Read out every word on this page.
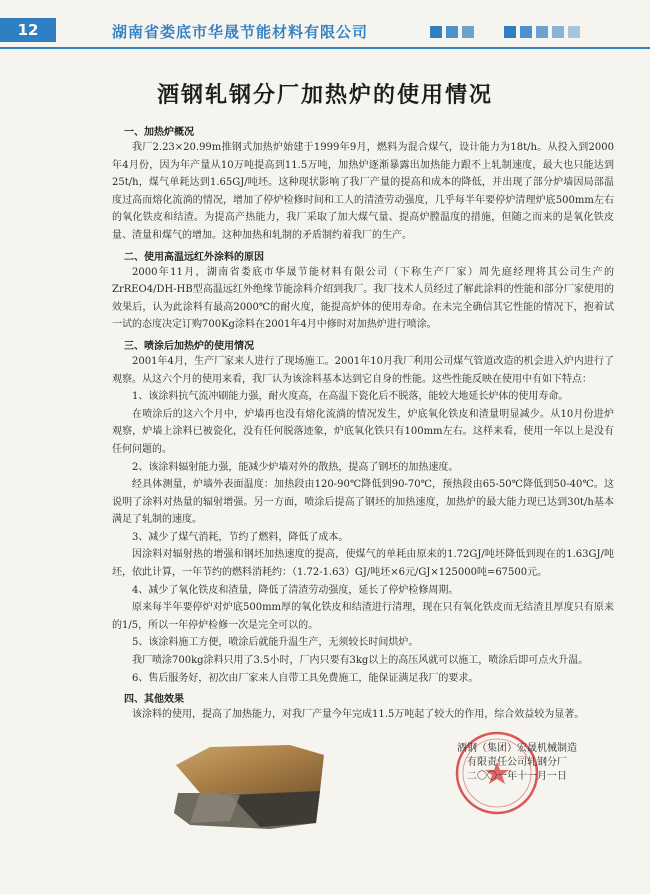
12	湖南省娄底市华晟节能材料有限公司
酒钢轧钢分厂加热炉的使用情况
一、加热炉概况

我厂2.23×20.99m推钢式加热炉始建于1999年9月，燃料为混合煤气，设计能力为18t/h。从投入到2000年4月份，因为年产量从10万吨提高到11.5万吨，加热炉逐渐暴露出加热能力跟不上轧制速度，最大也只能达到25t/h，煤气单耗达到1.65GJ/吨坯。这种现状影响了我厂产量的提高和成本的降低，并出现了部分炉墙因局部温度过高而熔化流淌的情况，增加了停炉检修时间和工人的清渣劳动强度，几乎每半年要停炉清理炉底500mm左右的氧化铁皮和结渣。为提高产热能力，我厂采取了加大煤气量、提高炉膛温度的措施，但随之而来的是氧化铁皮量、渣量和煤气的增加。这种加热和轧制的矛盾制约着我厂的生产。

二、使用高温远红外涂料的原因

2000年11月，湖南省娄底市华晟节能材料有限公司（下称生产厂家）周先庭经理将其公司生产的ZrREO4/DH-HB型高温远红外绝缘节能涂料介绍到我厂。我厂技术人员经过了解此涂料的性能和部分厂家使用的效果后，认为此涂料有最高2000℃的耐火度，能提高炉体的使用寿命。在未完全确信其它性能的情况下，抱着试一试的态度决定订购700Kg涂料在2001年4月中修时对加热炉进行喷涂。

三、喷涂后加热炉的使用情况

2001年4月，生产厂家来人进行了现场施工。2001年10月我厂利用公司煤气管道改造的机会进入炉内进行了观察。从这六个月的使用来看，我厂认为该涂料基本达到它自身的性能。这些性能反映在使用中有如下特点：

1、该涂料抗气流冲刷能力强，耐火度高，在高温下瓷化后不脱落，能较大地延长炉体的使用寿命。

在喷涂后的这六个月中，炉墙再也没有熔化流淌的情况发生，炉底氧化铁皮和渣量明显减少。从10月份进炉观察，炉墙上涂料已被瓷化，没有任何脱落迹象，炉底氧化铁只有100mm左右。这样来看，使用一年以上是没有任何问题的。

2、该涂料辐射能力强，能减少炉墙对外的散热，提高了钢坯的加热速度。

经具体测量，炉墙外表面温度：加热段由120-90℃降低到90-70℃，预热段由65-50℃降低到50-40℃。这说明了涂料对热量的辐射增强。另一方面，喷涂后提高了钢坯的加热速度，加热炉的最大能力现已达到30t/h基本满足了轧制的速度。

3、减少了煤气消耗，节约了燃料，降低了成本。

因涂料对辐射热的增强和钢坯加热速度的提高，使煤气的单耗由原来的1.72GJ/吨坯降低到现在的1.63GJ/吨坯，依此计算，一年节约的燃料消耗约：（1.72-1.63）GJ/吨坯×6元/GJ×125000吨=67500元。

4、减少了氧化铁皮和渣量，降低了清渣劳动强度，延长了停炉检修周期。

原来每半年要停炉对炉底500mm厚的氧化铁皮和结渣进行清理，现在只有氧化铁皮而无结渣且厚度只有原来的1/5，所以一年停炉检修一次是完全可以的。

5、该涂料施工方便，喷涂后就能升温生产，无须较长时间烘炉。

我厂喷涂700kg涂料只用了3.5小时，厂内只要有3kg以上的高压风就可以施工，喷涂后即可点火升温。

6、售后服务好，初次由厂家来人自带工具免费施工，能保证满足我厂的要求。

四、其他效果

该涂料的使用，提高了加热能力，对我厂产量今年完成11.5万吨起了较大的作用，综合效益较为显著。

酒钢（集团）宏晟机械制造
有限责任公司轧钢分厂
二〇〇一年十一月一日
